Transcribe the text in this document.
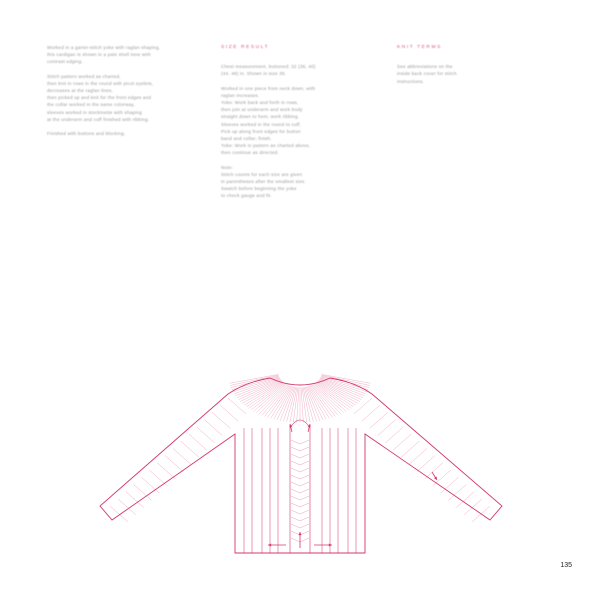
Worked in a garter-stitch yoke with raglan shaping,
this cardigan is shown in a pale shell tone with
contrast edging.

Stitch pattern worked as charted,
then knit in rows in the round with picot eyelets,
decreases at the raglan lines,
then picked up and knit for the front edges and
the collar worked in the same colorway,
sleeves worked in stockinette with shaping
at the underarm and cuff finished with ribbing.

Finished with buttons and blocking.

SIZE RESULT

Chest measurement, buttoned: 32 (36, 40)
(44, 48) in. Shown in size 36.

Worked in one piece from neck down, with
raglan increases.
Yoke: Work back and forth in rows,
then join at underarm and work body
straight down to hem; work ribbing.
Sleeves worked in the round to cuff.
Pick up along front edges for button
band and collar; finish.
Yoke: Work in pattern as charted above,
then continue as directed.

Note:
Stitch counts for each size are given
in parentheses after the smallest size.
Swatch before beginning the yoke
to check gauge and fit.

KNIT TERMS

See abbreviations on the
inside back cover for stitch
instructions.

135
